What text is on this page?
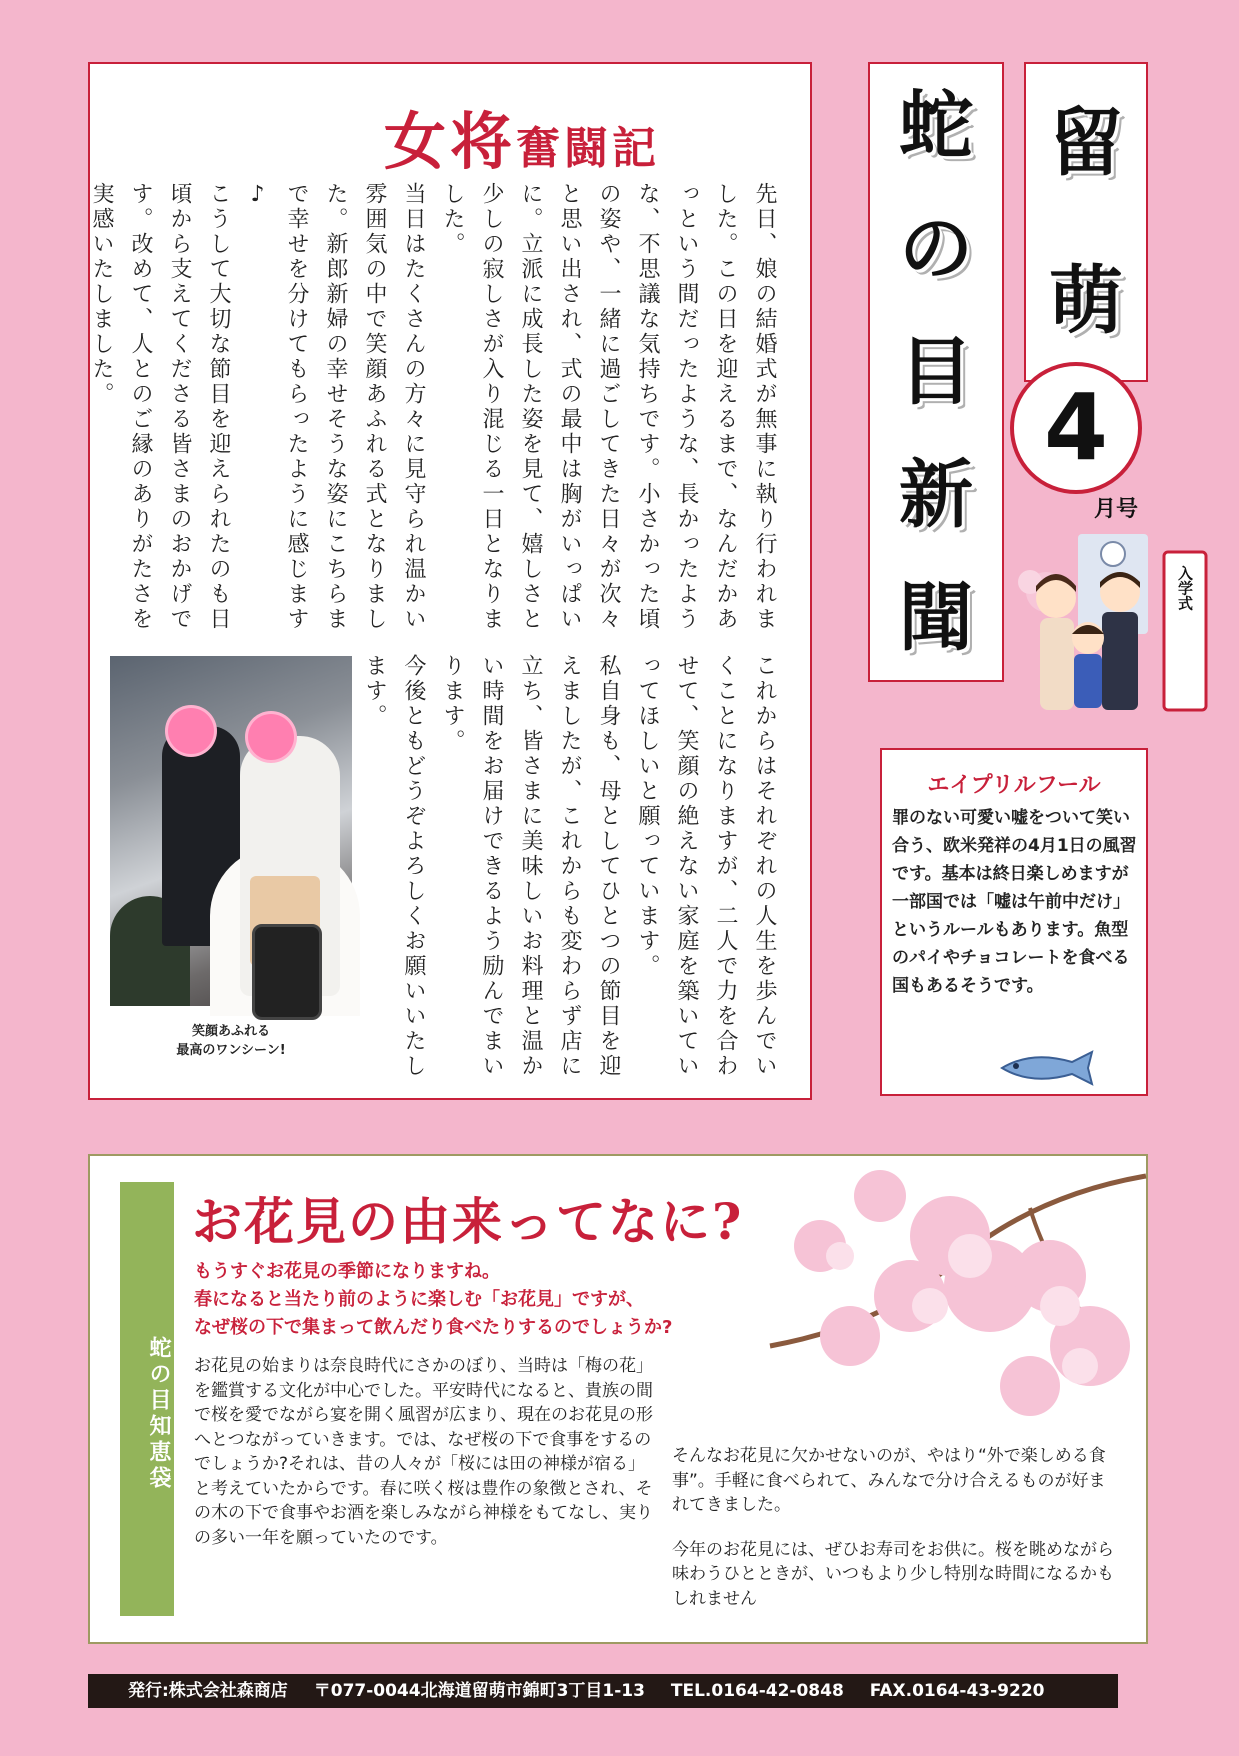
女将奮闘記
先日、娘の結婚式が無事に執り行われました。この日を迎えるまで、なんだかあっという間だったような、長かったような、不思議な気持ちです。小さかった頃の姿や、一緒に過ごしてきた日々が次々と思い出され、式の最中は胸がいっぱいに。立派に成長した姿を見て、嬉しさと少しの寂しさが入り混じる一日となりました。
当日はたくさんの方々に見守られ温かい雰囲気の中で笑顔あふれる式となりました。新郎新婦の幸せそうな姿にこちらまで幸せを分けてもらったように感じます♪
こうして大切な節目を迎えられたのも日頃から支えてくださる皆さまのおかげです。改めて、人とのご縁のありがたさを実感いたしました。
これからはそれぞれの人生を歩んでいくことになりますが、二人で力を合わせて、笑顔の絶えない家庭を築いていってほしいと願っています。
私自身も、母としてひとつの節目を迎えましたが、これからも変わらず店に立ち、皆さまに美味しいお料理と温かい時間をお届けできるよう励んでまいります。
今後ともどうぞよろしくお願いいたします。
笑顔あふれる
最高のワンシーン!
蛇
の
目
新
聞
留
萌
4
月号
入学式
エイプリルフール
罪のない可愛い嘘をついて笑い合う、欧米発祥の4月1日の風習です。基本は終日楽しめますが一部国では「嘘は午前中だけ」というルールもあります。魚型のパイやチョコレートを食べる国もあるそうです。
蛇の目知恵袋
お花見の由来ってなに?
もうすぐお花見の季節になりますね。
春になると当たり前のように楽しむ「お花見」ですが、
なぜ桜の下で集まって飲んだり食べたりするのでしょうか?

お花見の始まりは奈良時代にさかのぼり、当時は「梅の花」を鑑賞する文化が中心でした。平安時代になると、貴族の間で桜を愛でながら宴を開く風習が広まり、現在のお花見の形へとつながっていきます。では、なぜ桜の下で食事をするのでしょうか?それは、昔の人々が「桜には田の神様が宿る」と考えていたからです。春に咲く桜は豊作の象徴とされ、その木の下で食事やお酒を楽しみながら神様をもてなし、実りの多い一年を願っていたのです。

そんなお花見に欠かせないのが、やはり“外で楽しめる食事”。手軽に食べられて、みんなで分け合えるものが好まれてきました。

今年のお花見には、ぜひお寿司をお供に。桜を眺めながら味わうひとときが、いつもより少し特別な時間になるかもしれません

発行:株式会社森商店 〒077-0044北海道留萌市錦町3丁目1-13 TEL.0164-42-0848 FAX.0164-43-9220
